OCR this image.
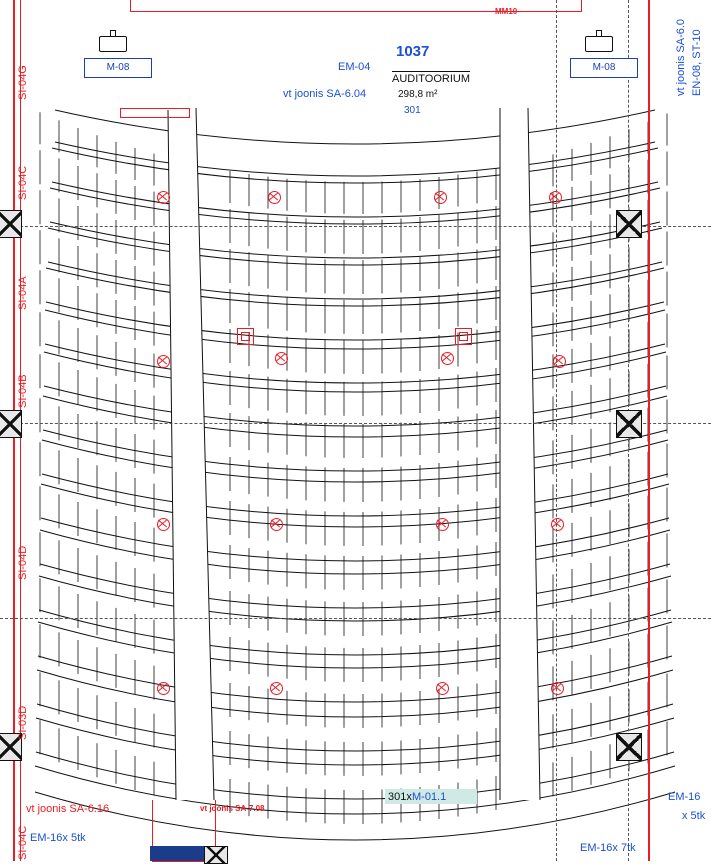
M-08	M-08
1037
AUDITOORIUM
298,8 m²
301
vt joonis SA-6.04
EM-04
MM10
SI-04G
SI-04C
SI-04A
SI-04B
SI-04D
SI-03D
SI-04C
vt joonis SA-6.0 EN-08, ST-10
301x M-01.1
vt joonis SA-6.16	vt joonis SA-7.08
EM-16
x 5tk
EM-16x 5tk
EM-16x 7tk
